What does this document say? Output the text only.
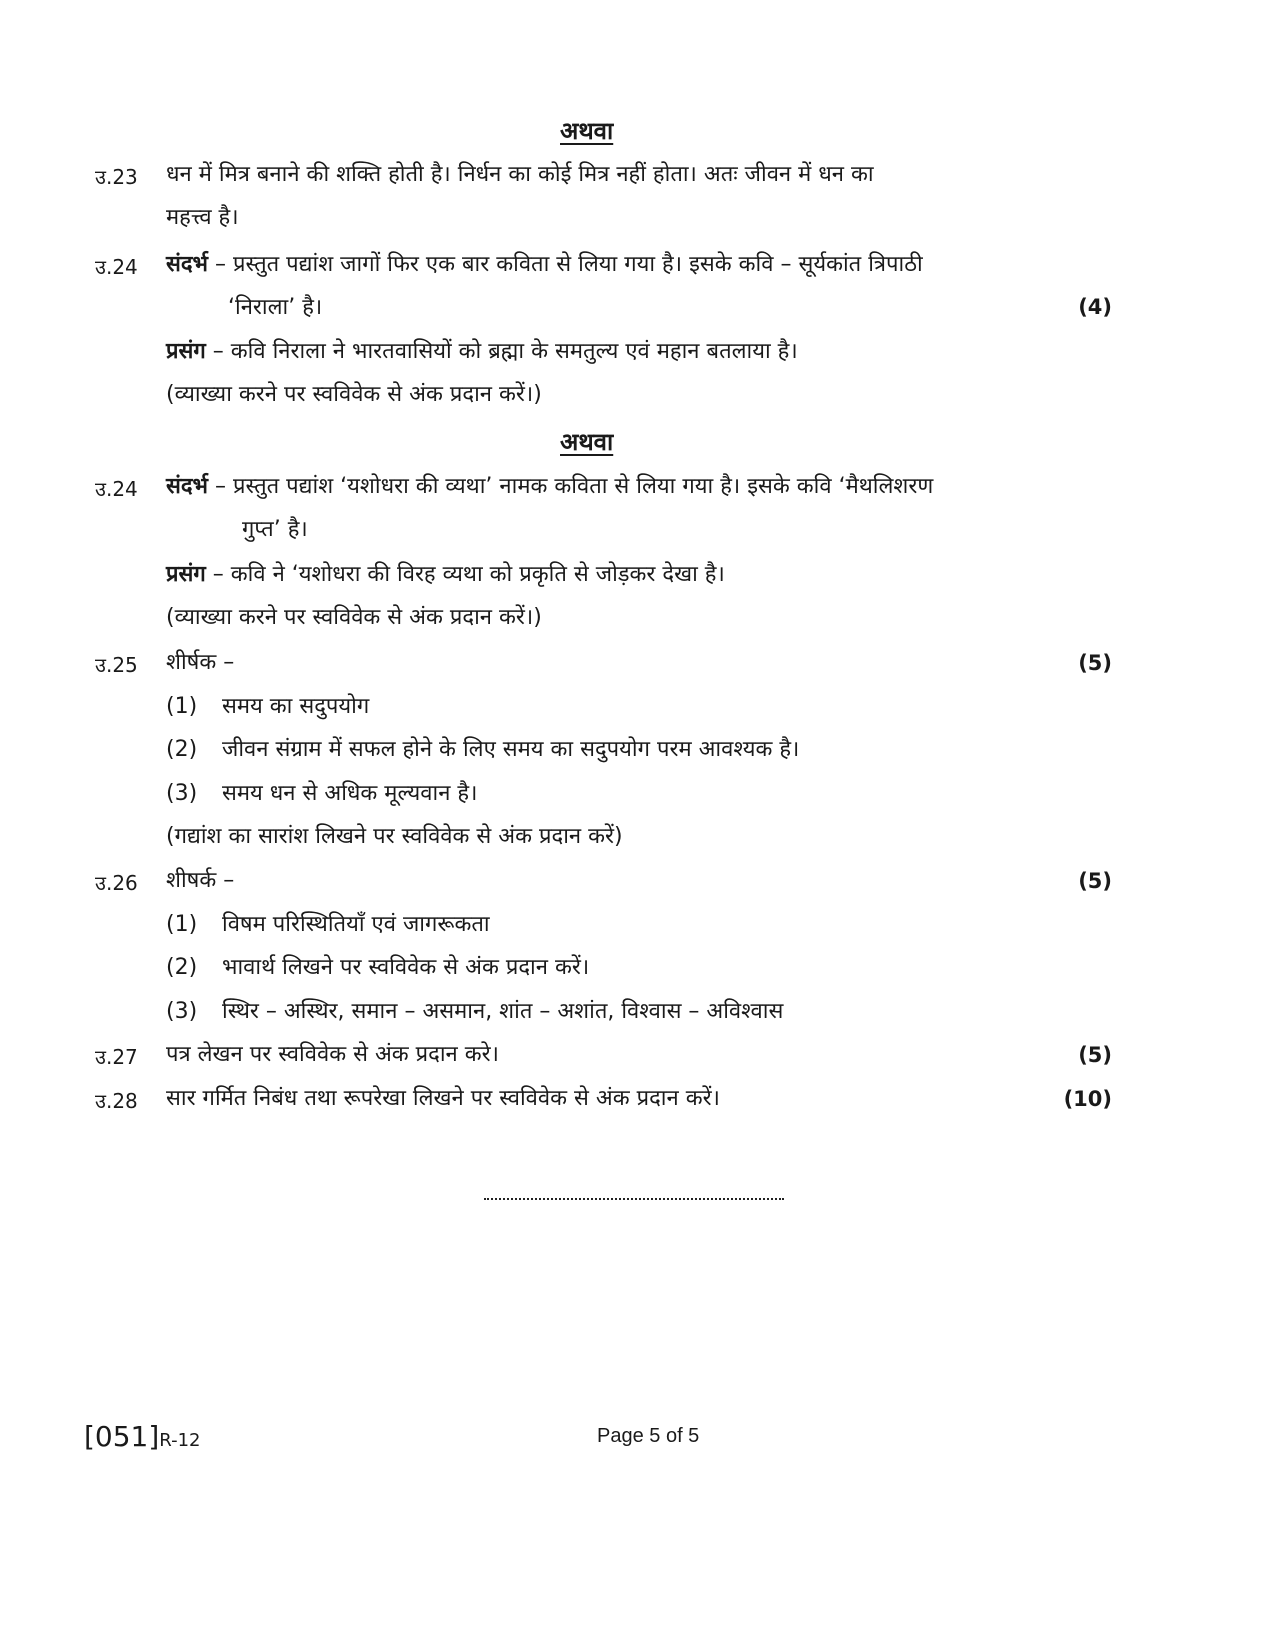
अथवा
उ.23 धन में मित्र बनाने की शक्ति होती है। निर्धन का कोई मित्र नहीं होता। अतः जीवन में धन का
महत्त्व है।
उ.24 संदर्भ – प्रस्तुत पद्यांश जागों फिर एक बार कविता से लिया गया है। इसके कवि – सूर्यकांत त्रिपाठी
‘निराला’ है।	(4)
प्रसंग – कवि निराला ने भारतवासियों को ब्रह्मा के समतुल्य एवं महान बतलाया है।
(व्याख्या करने पर स्वविवेक से अंक प्रदान करें।)
अथवा
उ.24 संदर्भ – प्रस्तुत पद्यांश ‘यशोधरा की व्यथा’ नामक कविता से लिया गया है। इसके कवि ‘मैथलिशरण
गुप्त’ है।
प्रसंग – कवि ने ‘यशोधरा की विरह व्यथा को प्रकृति से जोड़कर देखा है।
(व्याख्या करने पर स्वविवेक से अंक प्रदान करें।)
उ.25 शीर्षक –	(5)
(1) समय का सदुपयोग
(2) जीवन संग्राम में सफल होने के लिए समय का सदुपयोग परम आवश्यक है।
(3) समय धन से अधिक मूल्यवान है।
(गद्यांश का सारांश लिखने पर स्वविवेक से अंक प्रदान करें)
उ.26 शीषर्क –	(5)
(1) विषम परिस्थितियाँ एवं जागरूकता
(2) भावार्थ लिखने पर स्वविवेक से अंक प्रदान करें।
(3) स्थिर – अस्थिर, समान – असमान, शांत – अशांत, विश्वास – अविश्वास
उ.27 पत्र लेखन पर स्वविवेक से अंक प्रदान करे।	(5)
उ.28 सार गर्मित निबंध तथा रूपरेखा लिखने पर स्वविवेक से अंक प्रदान करें।	(10)
[051]R-12	Page 5 of 5
